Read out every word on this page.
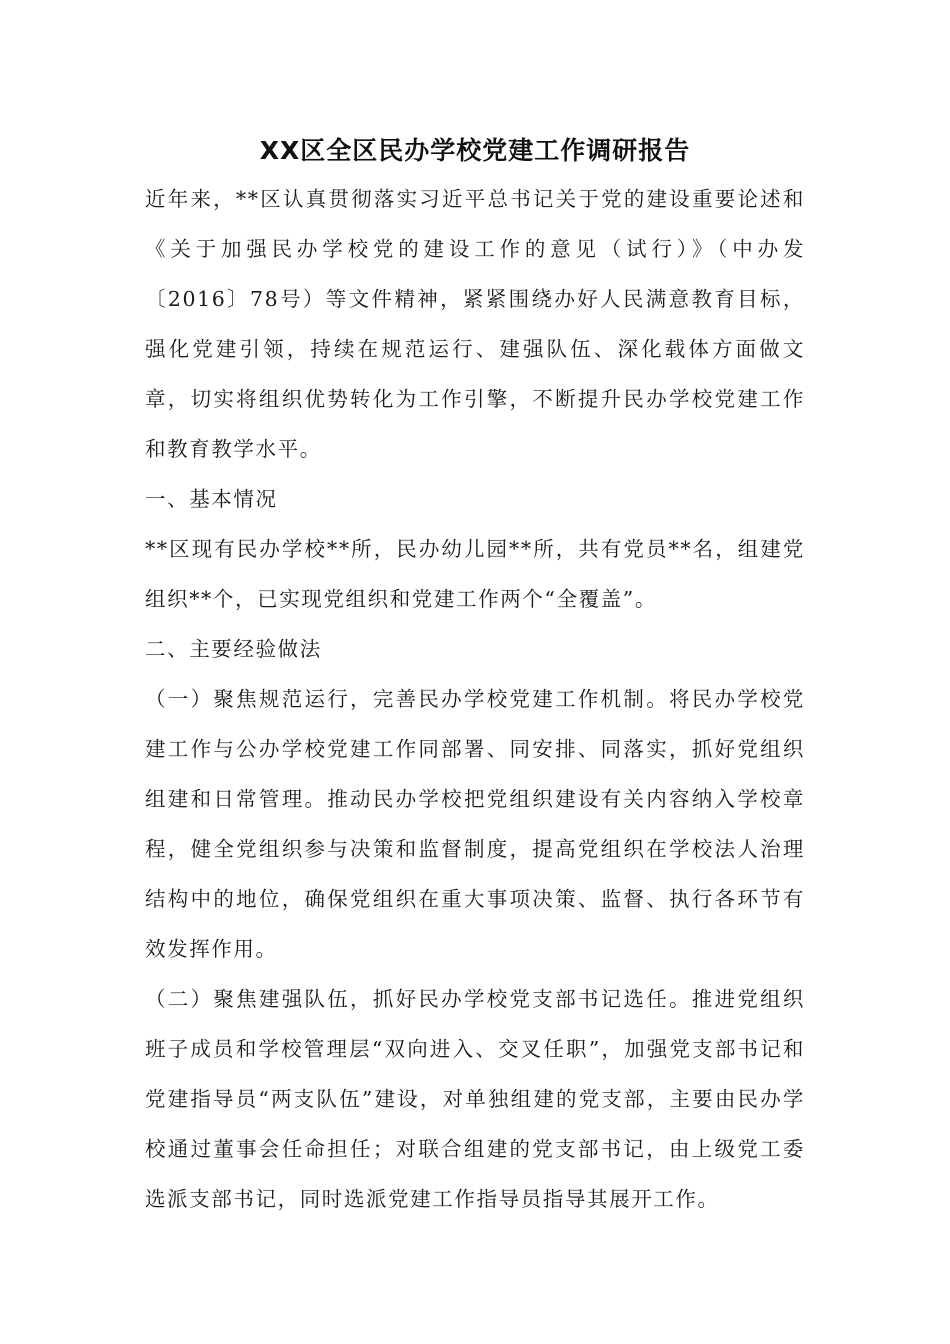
XX区全区民办学校党建工作调研报告

近年来，**区认真贯彻落实习近平总书记关于党的建设重要论述和《关于加强民办学校党的建设工作的意见（试行）》（中办发〔2016〕78号）等文件精神，紧紧围绕办好人民满意教育目标，强化党建引领，持续在规范运行、建强队伍、深化载体方面做文章，切实将组织优势转化为工作引擎，不断提升民办学校党建工作和教育教学水平。

一、基本情况

**区现有民办学校**所，民办幼儿园**所，共有党员**名，组建党组织**个，已实现党组织和党建工作两个“全覆盖”。

二、主要经验做法

（一）聚焦规范运行，完善民办学校党建工作机制。将民办学校党建工作与公办学校党建工作同部署、同安排、同落实，抓好党组织组建和日常管理。推动民办学校把党组织建设有关内容纳入学校章程，健全党组织参与决策和监督制度，提高党组织在学校法人治理结构中的地位，确保党组织在重大事项决策、监督、执行各环节有效发挥作用。

（二）聚焦建强队伍，抓好民办学校党支部书记选任。推进党组织班子成员和学校管理层“双向进入、交叉任职”，加强党支部书记和党建指导员“两支队伍”建设，对单独组建的党支部，主要由民办学校通过董事会任命担任；对联合组建的党支部书记，由上级党工委选派支部书记，同时选派党建工作指导员指导其展开工作。
